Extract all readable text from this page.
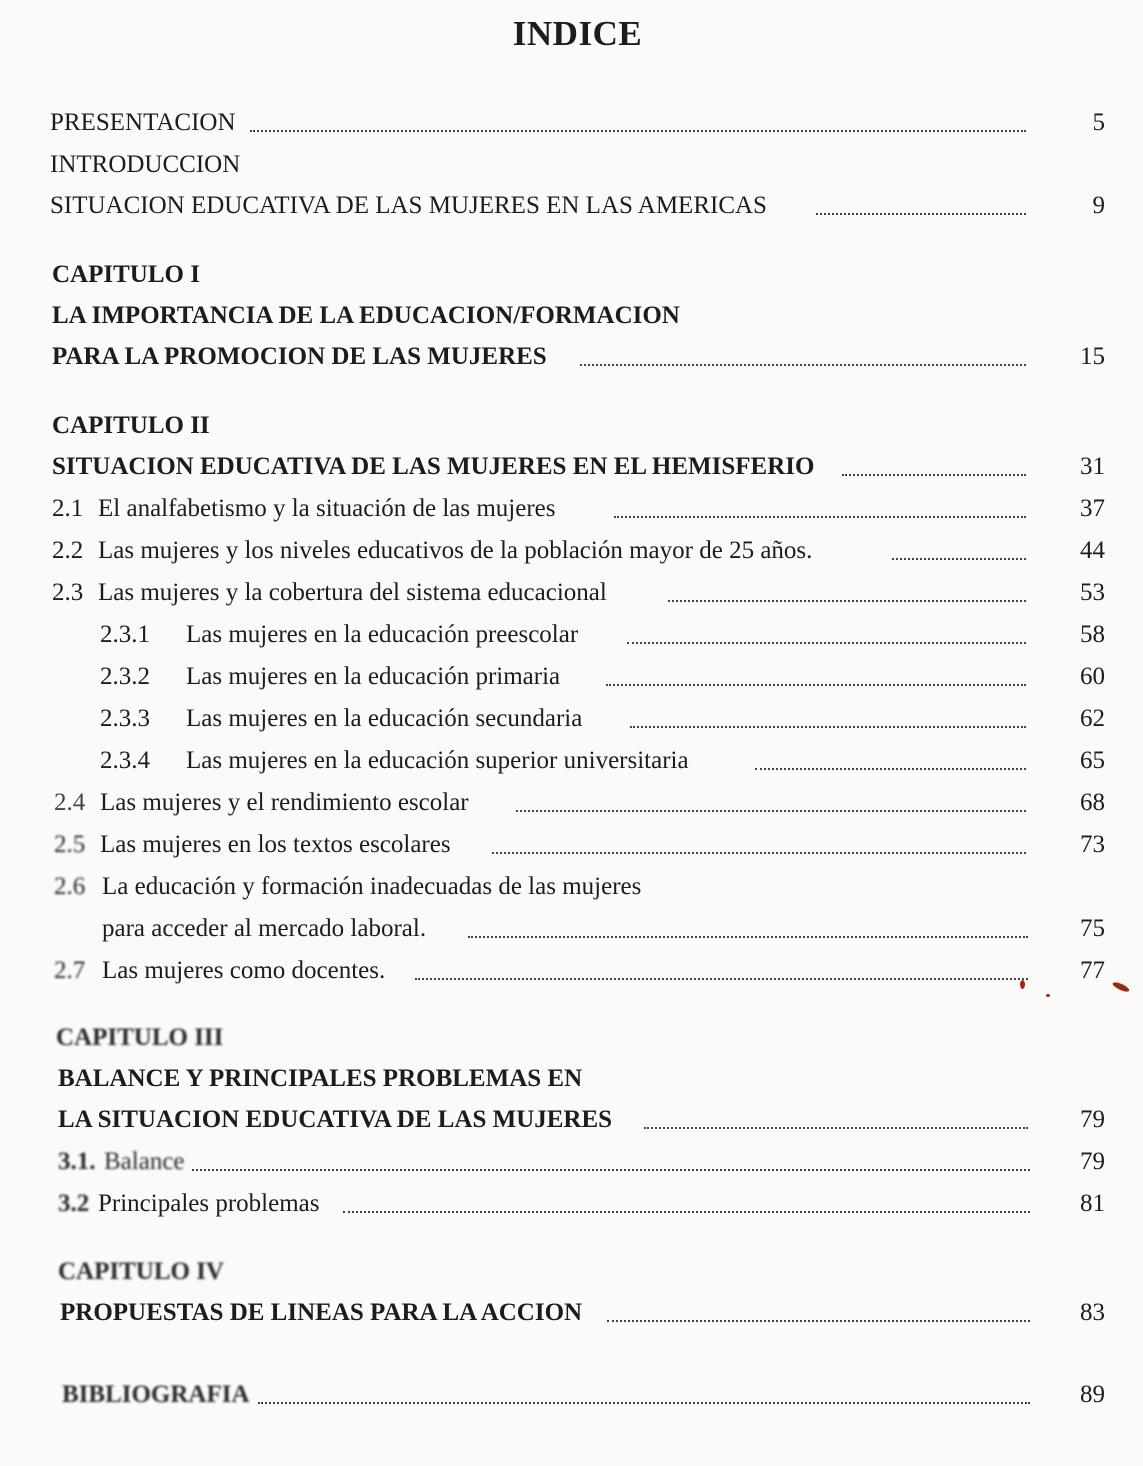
INDICE
PRESENTACION	5
INTRODUCCION
SITUACION EDUCATIVA DE LAS MUJERES EN LAS AMERICAS	9
CAPITULO I
LA IMPORTANCIA DE LA EDUCACION/FORMACION
PARA LA PROMOCION DE LAS MUJERES	15
CAPITULO II
SITUACION EDUCATIVA DE LAS MUJERES EN EL HEMISFERIO	31
2.1 El analfabetismo y la situación de las mujeres	37
2.2 Las mujeres y los niveles educativos de la población mayor de 25 años.	44
2.3 Las mujeres y la cobertura del sistema educacional	53
2.3.1 Las mujeres en la educación preescolar	58
2.3.2 Las mujeres en la educación primaria	60
2.3.3 Las mujeres en la educación secundaria	62
2.3.4 Las mujeres en la educación superior universitaria	65
2.4 Las mujeres y el rendimiento escolar	68
2.5 Las mujeres en los textos escolares	73
2.6 La educación y formación inadecuadas de las mujeres
para acceder al mercado laboral.	75
2.7 Las mujeres como docentes.	77
CAPITULO III
BALANCE Y PRINCIPALES PROBLEMAS EN
LA SITUACION EDUCATIVA DE LAS MUJERES	79
3.1. Balance	79
3.2 Principales problemas	81
CAPITULO IV
PROPUESTAS DE LINEAS PARA LA ACCION	83
BIBLIOGRAFIA	89
